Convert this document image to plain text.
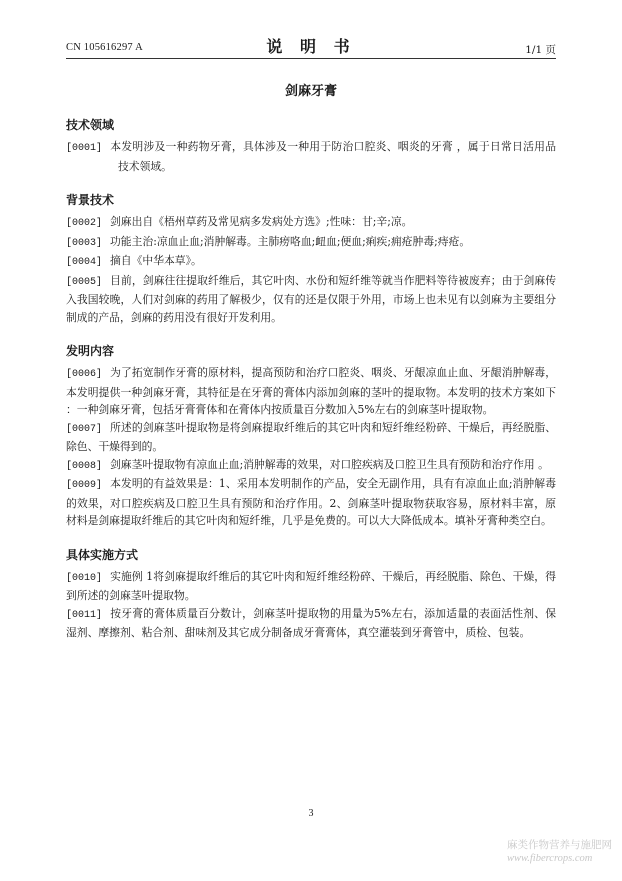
CN 105616297 A	说 明 书	1/1 页
剑麻牙膏
技术领域

[0001] 本发明涉及一种药物牙膏，具体涉及一种用于防治口腔炎、咽炎的牙膏 ，属于日常日活用品技术领域。

背景技术

[0002] 剑麻出自《梧州草药及常见病多发病处方选》;性味：甘;辛;凉。

[0003] 功能主治:凉血止血;消肿解毒。主肺痨咯血;衄血;便血;痢疾;痈疮肿毒;痔疮。

[0004] 摘自《中华本草》。

[0005] 目前，剑麻往往提取纤维后，其它叶肉、水份和短纤维等就当作肥料等待被废弃；由于剑麻传入我国较晚，人们对剑麻的药用了解极少，仅有的还是仅限于外用，市场上也未见有以剑麻为主要组分制成的产品，剑麻的药用没有很好开发利用。

发明内容

[0006] 为了拓宽制作牙膏的原材料，提高预防和治疗口腔炎、咽炎、牙龈凉血止血、牙龈消肿解毒，本发明提供一种剑麻牙膏，其特征是在牙膏的膏体内添加剑麻的茎叶的提取物。本发明的技术方案如下 ：一种剑麻牙膏，包括牙膏膏体和在膏体内按质量百分数加入5%左右的剑麻茎叶提取物。

[0007] 所述的剑麻茎叶提取物是将剑麻提取纤维后的其它叶肉和短纤维经粉碎、干燥后，再经脱脂、除色、干燥得到的。

[0008] 剑麻茎叶提取物有凉血止血;消肿解毒的效果，对口腔疾病及口腔卫生具有预防和治疗作用 。

[0009] 本发明的有益效果是：1、采用本发明制作的产品，安全无副作用，具有有凉血止血;消肿解毒的效果，对口腔疾病及口腔卫生具有预防和治疗作用。2、剑麻茎叶提取物获取容易，原材料丰富，原材料是剑麻提取纤维后的其它叶肉和短纤维，几乎是免费的。可以大大降低成本。填补牙膏种类空白。

具体实施方式

[0010] 实施例 1将剑麻提取纤维后的其它叶肉和短纤维经粉碎、干燥后，再经脱脂、除色、干燥，得到所述的剑麻茎叶提取物。

[0011] 按牙膏的膏体质量百分数计，剑麻茎叶提取物的用量为5%左右，添加适量的表面活性剂、保湿剂、摩擦剂、粘合剂、甜味剂及其它成分制备成牙膏膏体，真空灌装到牙膏管中，质检、包装。

3
麻类作物营养与施肥网
www.fibercrops.com
